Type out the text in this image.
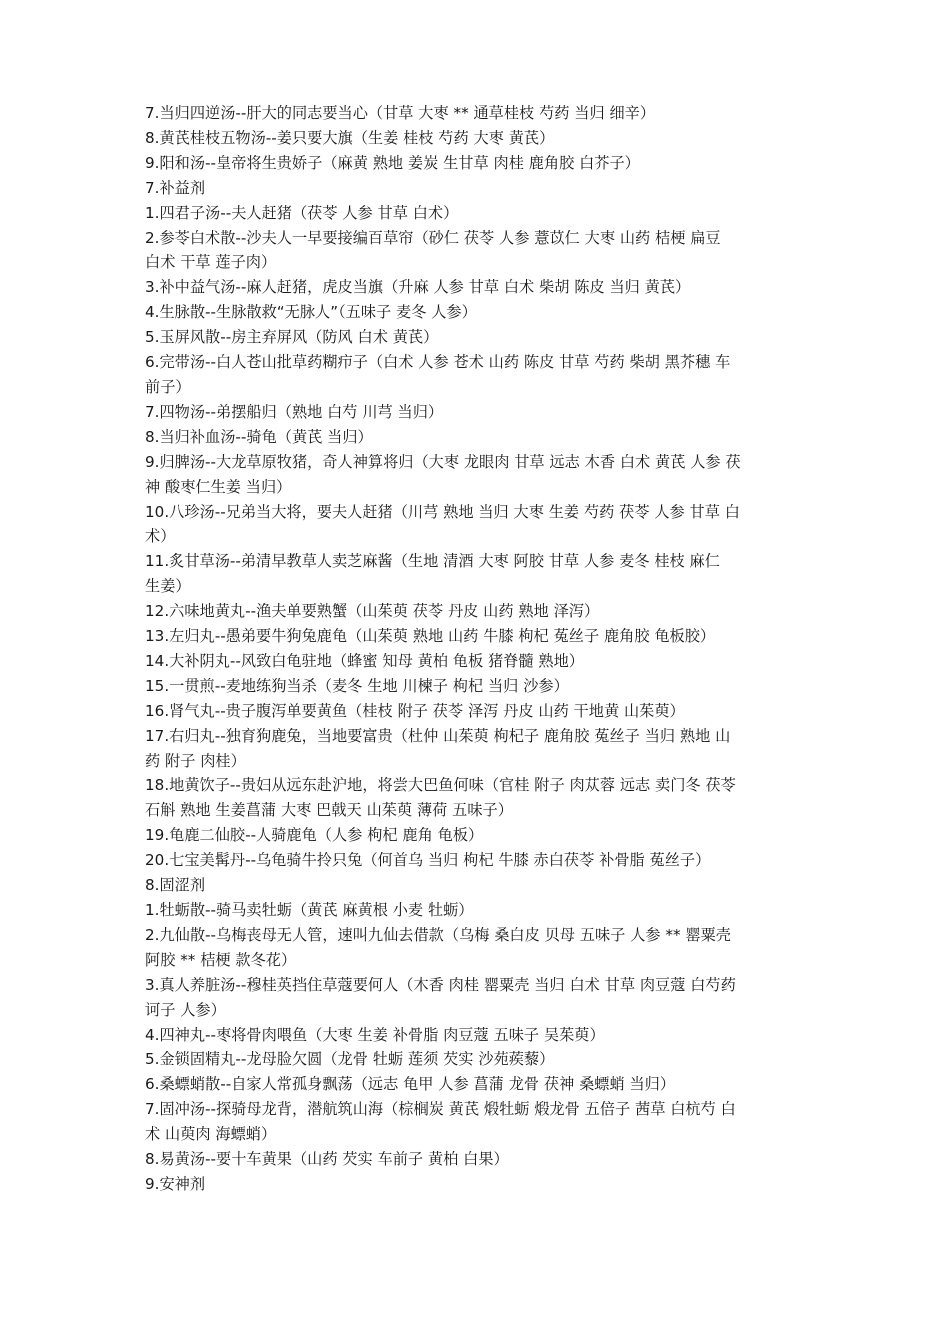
7.当归四逆汤--肝大的同志要当心（甘草 大枣 ** 通草桂枝 芍药 当归 细辛）
8.黄芪桂枝五物汤--姜只要大旗（生姜 桂枝 芍药 大枣 黄芪）
9.阳和汤--皇帝将生贵娇子（麻黄 熟地 姜炭 生甘草 肉桂 鹿角胶 白芥子）
7.补益剂
1.四君子汤--夫人赶猪（茯苓 人参 甘草 白术）
2.参苓白术散--沙夫人一早要接编百草帘（砂仁 茯苓 人参 薏苡仁 大枣 山药 桔梗 扁豆
白术 干草 莲子肉）
3.补中益气汤--麻人赶猪，虎皮当旗（升麻 人参 甘草 白术 柴胡 陈皮 当归 黄芪）
4.生脉散--生脉散救“无脉人”（五味子 麦冬 人参）
5.玉屏风散--房主弃屏风（防风 白术 黄芪）
6.完带汤--白人苍山批草药糊疖子（白术 人参 苍术 山药 陈皮 甘草 芍药 柴胡 黑芥穗 车
前子）
7.四物汤--弟摆船归（熟地 白芍 川芎 当归）
8.当归补血汤--骑龟（黄芪 当归）
9.归脾汤--大龙草原牧猪，奇人神算将归（大枣 龙眼肉 甘草 远志 木香 白术 黄芪 人参 茯
神 酸枣仁生姜 当归）
10.八珍汤--兄弟当大将，要夫人赶猪（川芎 熟地 当归 大枣 生姜 芍药 茯苓 人参 甘草 白
术）
11.炙甘草汤--弟清早教草人卖芝麻酱（生地 清酒 大枣 阿胶 甘草 人参 麦冬 桂枝 麻仁
生姜）
12.六味地黄丸--渔夫单要熟蟹（山茱萸 茯苓 丹皮 山药 熟地 泽泻）
13.左归丸--愚弟要牛狗兔鹿龟（山茱萸 熟地 山药 牛膝 枸杞 菟丝子 鹿角胶 龟板胶）
14.大补阴丸--风致白龟驻地（蜂蜜 知母 黄柏 龟板 猪脊髓 熟地）
15.一贯煎--麦地练狗当杀（麦冬 生地 川楝子 枸杞 当归 沙参）
16.肾气丸--贵子腹泻单要黄鱼（桂枝 附子 茯苓 泽泻 丹皮 山药 干地黄 山茱萸）
17.右归丸--独育狗鹿兔，当地要富贵（杜仲 山茱萸 枸杞子 鹿角胶 菟丝子 当归 熟地 山
药 附子 肉桂）
18.地黄饮子--贵妇从远东赴沪地，将尝大巴鱼何味（官桂 附子 肉苁蓉 远志 卖门冬 茯苓
石斛 熟地 生姜菖蒲 大枣 巴戟天 山茱萸 薄荷 五味子）
19.龟鹿二仙胶--人骑鹿龟（人参 枸杞 鹿角 龟板）
20.七宝美髯丹--乌龟骑牛拎只兔（何首乌 当归 枸杞 牛膝 赤白茯苓 补骨脂 菟丝子）
8.固涩剂
1.牡蛎散--骑马卖牡蛎（黄芪 麻黄根 小麦 牡蛎）
2.九仙散--乌梅丧母无人管，速叫九仙去借款（乌梅 桑白皮 贝母 五味子 人参 ** 罂粟壳
阿胶 ** 桔梗 款冬花）
3.真人养脏汤--穆桂英挡住草蔻要何人（木香 肉桂 罂粟壳 当归 白术 甘草 肉豆蔻 白芍药
诃子 人参）
4.四神丸--枣将骨肉喂鱼（大枣 生姜 补骨脂 肉豆蔻 五味子 吴茱萸）
5.金锁固精丸--龙母脸欠圆（龙骨 牡蛎 莲须 芡实 沙苑蒺藜）
6.桑螵蛸散--自家人常孤身飘荡（远志 龟甲 人参 菖蒲 龙骨 茯神 桑螵蛸 当归）
7.固冲汤--探骑母龙背，潜航筑山海（棕榈炭 黄芪 煅牡蛎 煅龙骨 五倍子 茜草 白杭芍 白
术 山萸肉 海螵蛸）
8.易黄汤--要十车黄果（山药 芡实 车前子 黄柏 白果）
9.安神剂
